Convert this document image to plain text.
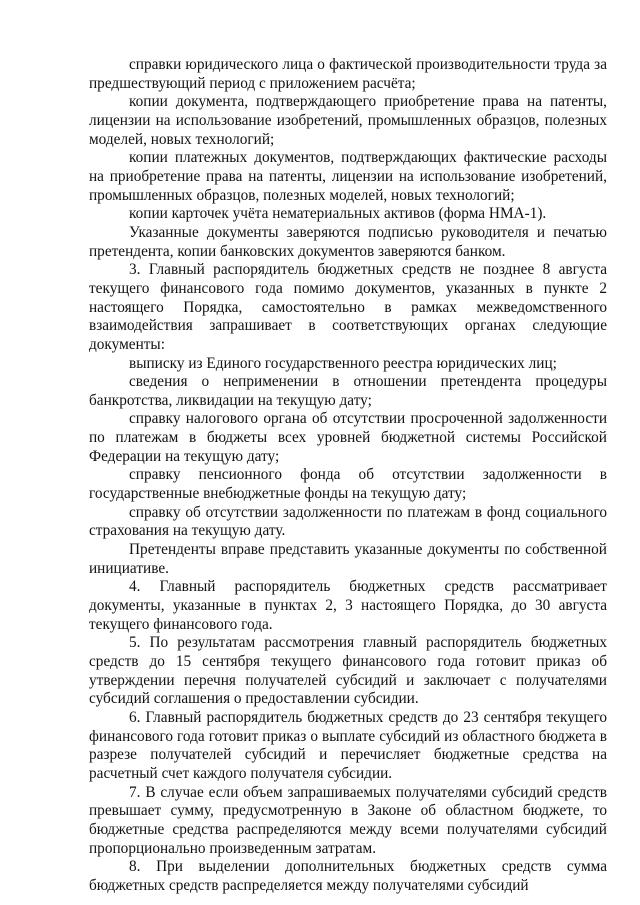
справки юридического лица о фактической производительности труда за предшествующий период с приложением расчёта;

копии документа, подтверждающего приобретение права на патенты, лицензии на использование изобретений, промышленных образцов, полезных моделей, новых технологий;

копии платежных документов, подтверждающих фактические расходы на приобретение права на патенты, лицензии на использование изобретений, промышленных образцов, полезных моделей, новых технологий;

копии карточек учёта нематериальных активов (форма НМА-1).

Указанные документы заверяются подписью руководителя и печатью претендента, копии банковских документов заверяются банком.

3. Главный распорядитель бюджетных средств не позднее 8 августа текущего финансового года помимо документов, указанных в пункте 2 настоящего Порядка, самостоятельно в рамках межведомственного взаимодействия запрашивает в соответствующих органах следующие документы:

выписку из Единого государственного реестра юридических лиц;

сведения о неприменении в отношении претендента процедуры банкротства, ликвидации на текущую дату;

справку налогового органа об отсутствии просроченной задолженности по платежам в бюджеты всех уровней бюджетной системы Российской Федерации на текущую дату;

справку пенсионного фонда об отсутствии задолженности в государственные внебюджетные фонды на текущую дату;

справку об отсутствии задолженности по платежам в фонд социального страхования на текущую дату.

Претенденты вправе представить указанные документы по собственной инициативе.

4. Главный распорядитель бюджетных средств рассматривает документы, указанные в пунктах 2, 3 настоящего Порядка, до 30 августа текущего финансового года.

5. По результатам рассмотрения главный распорядитель бюджетных средств до 15 сентября текущего финансового года готовит приказ об утверждении перечня получателей субсидий и заключает с получателями субсидий соглашения о предоставлении субсидии.

6. Главный распорядитель бюджетных средств до 23 сентября текущего финансового года готовит приказ о выплате субсидий из областного бюджета в разрезе получателей субсидий и перечисляет бюджетные средства на расчетный счет каждого получателя субсидии.

7. В случае если объем запрашиваемых получателями субсидий средств превышает сумму, предусмотренную в Законе об областном бюджете, то бюджетные средства распределяются между всеми получателями субсидий пропорционально произведенным затратам.

8. При выделении дополнительных бюджетных средств сумма бюджетных средств распределяется между получателями субсидий
